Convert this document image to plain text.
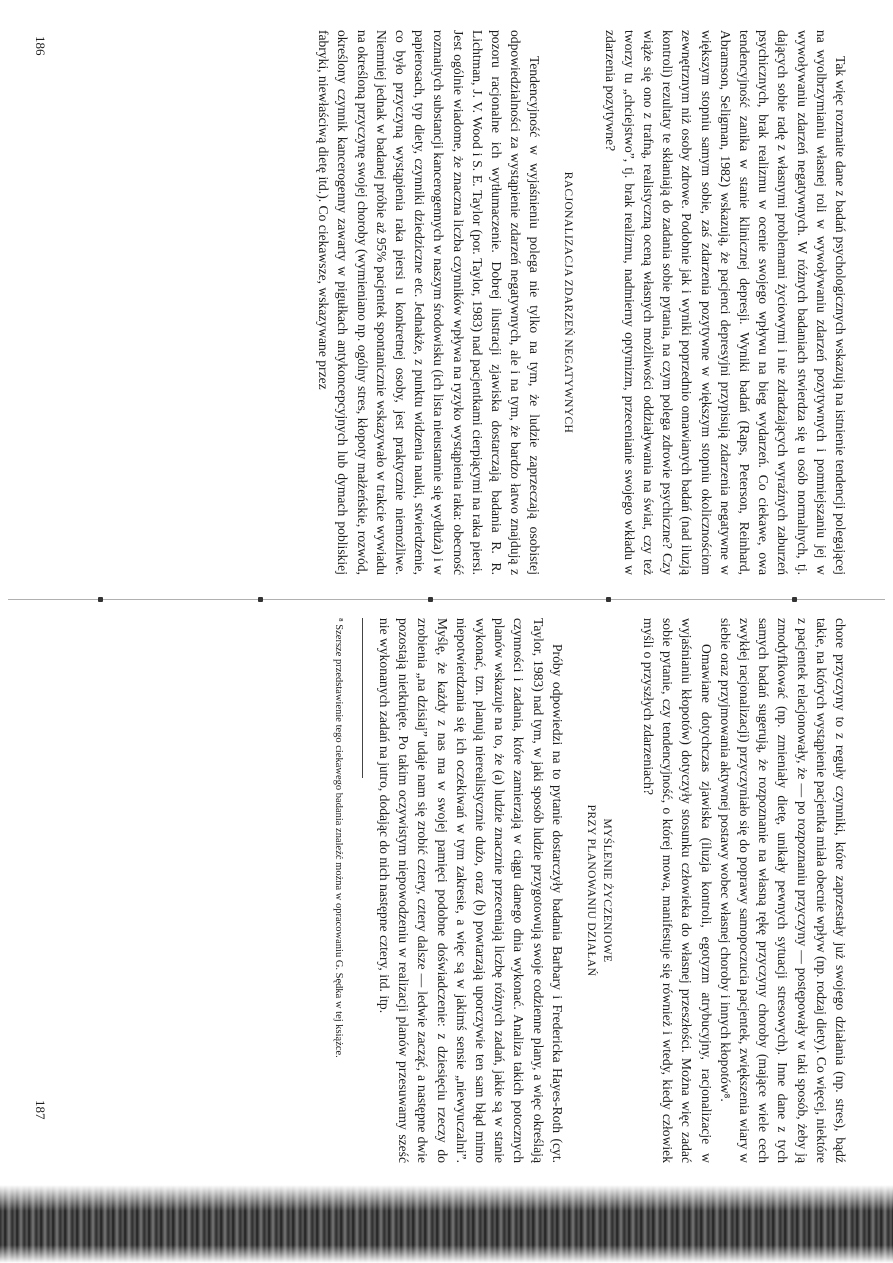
Tak więc rozmaite dane z badań psychologicznych wskazują na istnienie tendencji polegającej na wyolbrzymianiu własnej roli w wywoływaniu zdarzeń pozytywnych i pomniejszaniu jej w wywoływaniu zdarzeń negatywnych. W różnych badaniach stwierdza się u osób normalnych, tj. dających sobie radę z własnymi problemami życiowymi i nie zdradzających wyraźnych zaburzeń psychicznych, brak realizmu w ocenie swojego wpływu na bieg wydarzeń. Co ciekawe, owa tendencyjność zanika w stanie klinicznej depresji. Wyniki badań (Raps, Peterson, Reinhard, Abramson, Seligman, 1982) wskazują, że pacjenci depresyjni przypisują zdarzenia negatywne w większym stopniu samym sobie, zaś zdarzenia pozytywne w większym stopniu okolicznościom zewnętrznym niż osoby zdrowe. Podobnie jak i wyniki poprzednio omawianych badań (nad iluzją kontroli) rezultaty te skłaniają do zadania sobie pytania, na czym polega zdrowie psychiczne? Czy wiąże się ono z trafną, realistyczną oceną własnych możliwości oddziaływania na świat, czy też tworzy tu „chciejstwo”, tj. brak realizmu, nadmierny optymizm, przecenianie swojego wkładu w zdarzenia pozytywne?

RACJONALIZACJA ZDARZEŃ NEGATYWNYCH

Tendencyjność w wyjaśnieniu polega nie tylko na tym, że ludzie zaprzeczają osobistej odpowiedzialności za wystąpienie zdarzeń negatywnych, ale i na tym, że bardzo łatwo znajdują z pozoru racjonalne ich wytłumaczenie. Dobrej ilustracji zjawiska dostarczają badania R. R. Lichtman, J. V. Wood i S. E. Taylor (por. Taylor, 1983) nad pacjentkami cierpiącymi na raka piersi. Jest ogólnie wiadome, że znaczna liczba czynników wpływa na ryzyko wystąpienia raka: obecność rozmaitych substancji kancerogennych w naszym środowisku (ich lista nieustannie się wydłuża) i w papierosach, typ diety, czynniki dziedziczne etc. Jednakże, z punktu widzenia nauki, stwierdzenie, co było przyczyną wystąpienia raka piersi u konkretnej osoby, jest praktycznie niemożliwe. Niemniej jednak w badanej próbie aż 95% pacjentek spontanicznie wskazywało w trakcie wywiadu na określoną przyczynę swojej choroby (wymieniano np. ogólny stres, kłopoty małżeńskie, rozwód, określony czynnik kancerogenny zawarty w pigułkach antykoncepcyjnych lub dymach pobliskiej fabryki, niewłaściwą dietę itd.). Co ciekawsze, wskazywane przez

186

chore przyczyny to z reguły czynniki, które zaprzestały już swojego działania (np. stres), bądź takie, na których wystąpienie pacjentka miała obecnie wpływ (np. rodzaj diety). Co więcej, niektóre z pacjentek relacjonowały, że — po rozpoznaniu przyczyny — postępowały w taki sposób, żeby ją zmodyfikować (np. zmieniały dietę, unikały pewnych sytuacji stresowych). Inne dane z tych samych badań sugerują, że rozpoznanie na własną rękę przyczyny choroby (mające wiele cech zwykłej racjonalizacji) przyczyniało się do poprawy samopoczucia pacjentek, zwiększenia wiary w siebie oraz przyjmowania aktywnej postawy wobec własnej choroby i innych kłopotów⁸.

Omawiane dotychczas zjawiska (iluzja kontroli, egotyzm atrybucyjny, racjonalizacje w wyjaśnianiu kłopotów) dotyczyły stosunku człowieka do własnej przeszłości. Można więc zadać sobie pytanie, czy tendencyjność, o której mowa, manifestuje się również i wtedy, kiedy człowiek myśli o przyszłych zdarzeniach?

MYŚLENIE ŻYCZENIOWE
PRZY PLANOWANIU DZIAŁAŃ

Próby odpowiedzi na to pytanie dostarczyły badania Barbary i Fredericka Hayes-Roth (cyt. Taylor, 1983) nad tym, w jaki sposób ludzie przygotowują swoje codzienne plany, a więc określają czynności i zadania, które zamierzają w ciągu danego dnia wykonać. Analiza takich potocznych planów wskazuje na to, że (a) ludzie znacznie przeceniają liczbę różnych zadań, jakie są w stanie wykonać, tzn. planują nierealistycznie dużo, oraz (b) powtarzają uporczywie ten sam błąd mimo niepotwierdzania się ich oczekiwań w tym zakresie, a więc są w jakimś sensie „niewyuczalni”. Myślę, że każdy z nas ma w swojej pamięci podobne doświadczenie: z dziesięciu rzeczy do zrobienia „na dzisiaj” udaje nam się zrobić cztery, cztery dalsze — ledwie zacząć, a następne dwie pozostają nietknięte. Po takim oczywistym niepowodzeniu w realizacji planów przesuwamy sześć nie wykonanych zadań na jutro, dodając do nich następne cztery, itd. itp.

⁸ Szersze przedstawienie tego ciekawego badania znaleźć można w opracowaniu G. Sędka w tej książce.
187
